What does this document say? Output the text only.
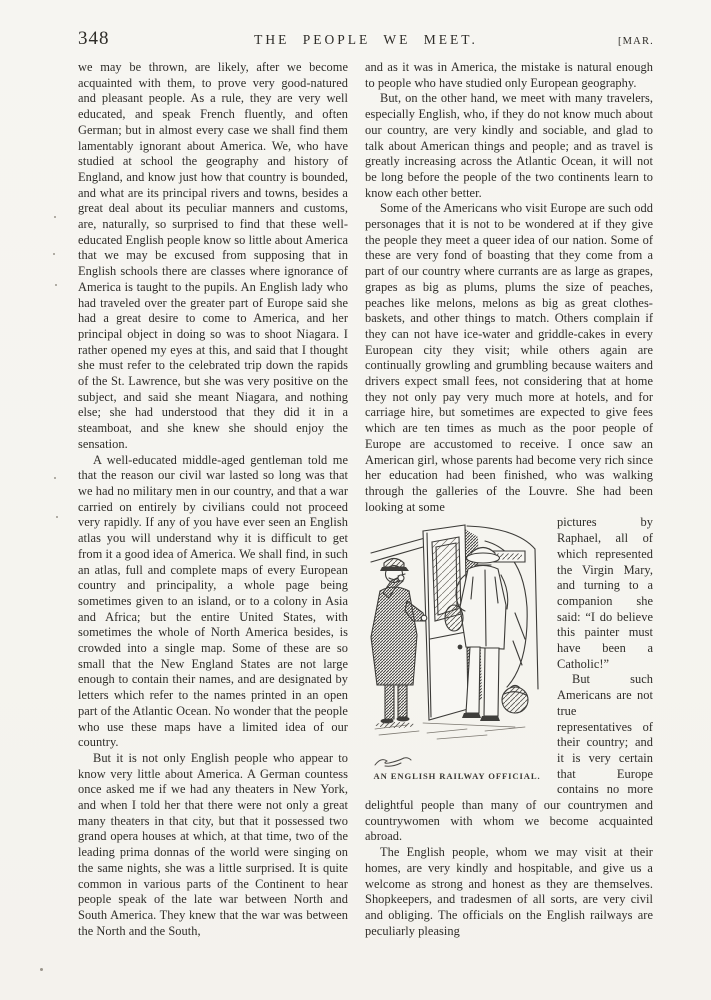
348	THE PEOPLE WE MEET.	[MAR.

we may be thrown, are likely, after we become acquainted with them, to prove very good-natured and pleasant people. As a rule, they are very well educated, and speak French fluently, and often German; but in almost every case we shall find them lamentably ignorant about America. We, who have studied at school the geography and history of England, and know just how that country is bounded, and what are its principal rivers and towns, besides a great deal about its peculiar manners and customs, are, naturally, so surprised to find that these well-educated English people know so little about America that we may be excused from supposing that in English schools there are classes where ignorance of America is taught to the pupils. An English lady who had traveled over the greater part of Europe said she had a great desire to come to America, and her principal object in doing so was to shoot Niagara. I rather opened my eyes at this, and said that I thought she must refer to the celebrated trip down the rapids of the St. Lawrence, but she was very positive on the subject, and said she meant Niagara, and nothing else; she had understood that they did it in a steamboat, and she knew she should enjoy the sensation.

A well-educated middle-aged gentleman told me that the reason our civil war lasted so long was that we had no military men in our country, and that a war carried on entirely by civilians could not proceed very rapidly. If any of you have ever seen an English atlas you will understand why it is difficult to get from it a good idea of America. We shall find, in such an atlas, full and complete maps of every European country and principality, a whole page being sometimes given to an island, or to a colony in Asia and Africa; but the entire United States, with sometimes the whole of North America besides, is crowded into a single map. Some of these are so small that the New England States are not large enough to contain their names, and are designated by letters which refer to the names printed in an open part of the Atlantic Ocean. No wonder that the people who use these maps have a limited idea of our country.

But it is not only English people who appear to know very little about America. A German countess once asked me if we had any theaters in New York, and when I told her that there were not only a great many theaters in that city, but that it possessed two grand opera houses at which, at that time, two of the leading prima donnas of the world were singing on the same nights, she was a little surprised. It is quite common in various parts of the Continent to hear people speak of the late war between North and South America. They knew that the war was between the North and the South,

and as it was in America, the mistake is natural enough to people who have studied only European geography.

But, on the other hand, we meet with many travelers, especially English, who, if they do not know much about our country, are very kindly and sociable, and glad to talk about American things and people; and as travel is greatly increasing across the Atlantic Ocean, it will not be long before the people of the two continents learn to know each other better.

Some of the Americans who visit Europe are such odd personages that it is not to be wondered at if they give the people they meet a queer idea of our nation. Some of these are very fond of boasting that they come from a part of our country where currants are as large as grapes, grapes as big as plums, plums the size of peaches, peaches like melons, melons as big as great clothes-baskets, and other things to match. Others complain if they can not have ice-water and griddle-cakes in every European city they visit; while others again are continually growling and grumbling because waiters and drivers expect small fees, not considering that at home they not only pay very much more at hotels, and for carriage hire, but sometimes are expected to give fees which are ten times as much as the poor people of Europe are accustomed to receive. I once saw an American girl, whose parents had become very rich since her education had been finished, who was walking through the galleries of the Louvre. She had been looking at some

AN ENGLISH RAILWAY OFFICIAL.

pictures by Raphael, all of which represented the Virgin Mary, and turning to a companion she said: “I do believe this painter must have been a Catholic!”

But such Americans are not true representatives of their country; and it is very certain that Europe contains no more delightful people than many of our countrymen and countrywomen with whom we become acquainted abroad.

The English people, whom we may visit at their homes, are very kindly and hospitable, and give us a welcome as strong and honest as they are themselves. Shopkeepers, and tradesmen of all sorts, are very civil and obliging. The officials on the English railways are peculiarly pleasing
